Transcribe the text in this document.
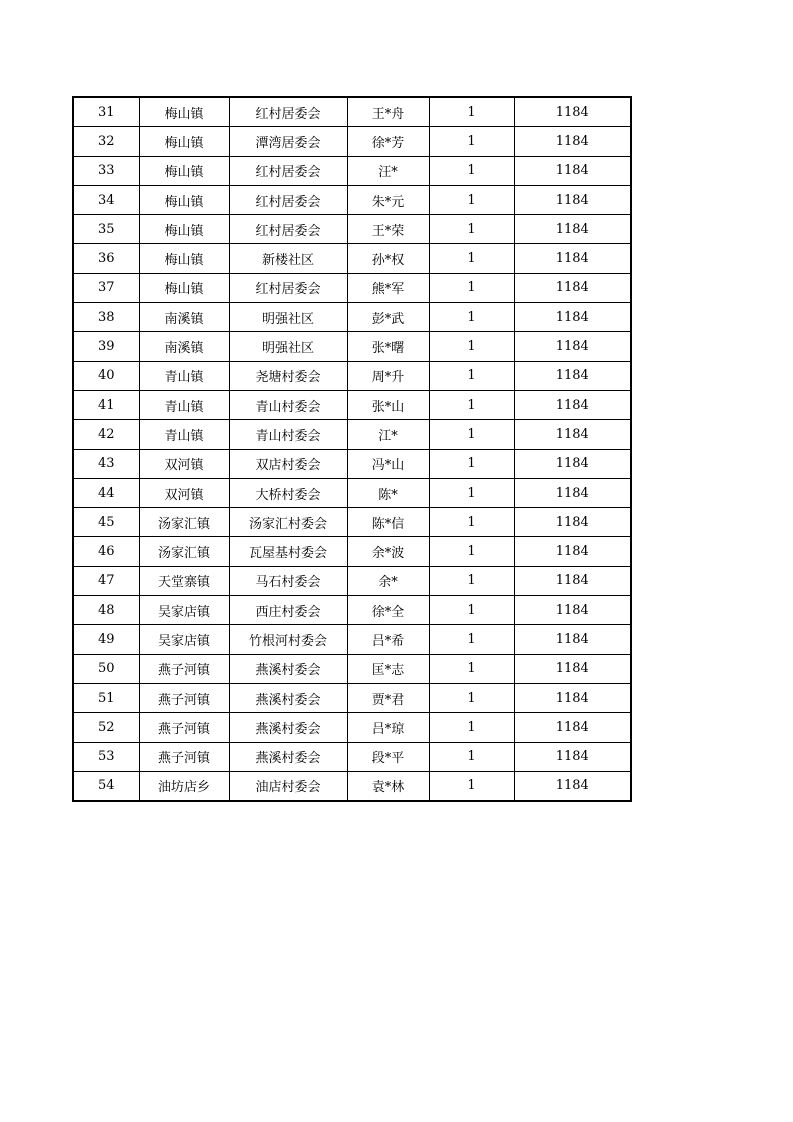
31	梅山镇	红村居委会	王*舟	1	1184
32	梅山镇	潭湾居委会	徐*芳	1	1184
33	梅山镇	红村居委会	汪*	1	1184
34	梅山镇	红村居委会	朱*元	1	1184
35	梅山镇	红村居委会	王*荣	1	1184
36	梅山镇	新楼社区	孙*权	1	1184
37	梅山镇	红村居委会	熊*军	1	1184
38	南溪镇	明强社区	彭*武	1	1184
39	南溪镇	明强社区	张*曙	1	1184
40	青山镇	尧塘村委会	周*升	1	1184
41	青山镇	青山村委会	张*山	1	1184
42	青山镇	青山村委会	江*	1	1184
43	双河镇	双店村委会	冯*山	1	1184
44	双河镇	大桥村委会	陈*	1	1184
45	汤家汇镇	汤家汇村委会	陈*信	1	1184
46	汤家汇镇	瓦屋基村委会	余*波	1	1184
47	天堂寨镇	马石村委会	余*	1	1184
48	吴家店镇	西庄村委会	徐*全	1	1184
49	吴家店镇	竹根河村委会	吕*希	1	1184
50	燕子河镇	燕溪村委会	匡*志	1	1184
51	燕子河镇	燕溪村委会	贾*君	1	1184
52	燕子河镇	燕溪村委会	吕*琼	1	1184
53	燕子河镇	燕溪村委会	段*平	1	1184
54	油坊店乡	油店村委会	袁*林	1	1184
